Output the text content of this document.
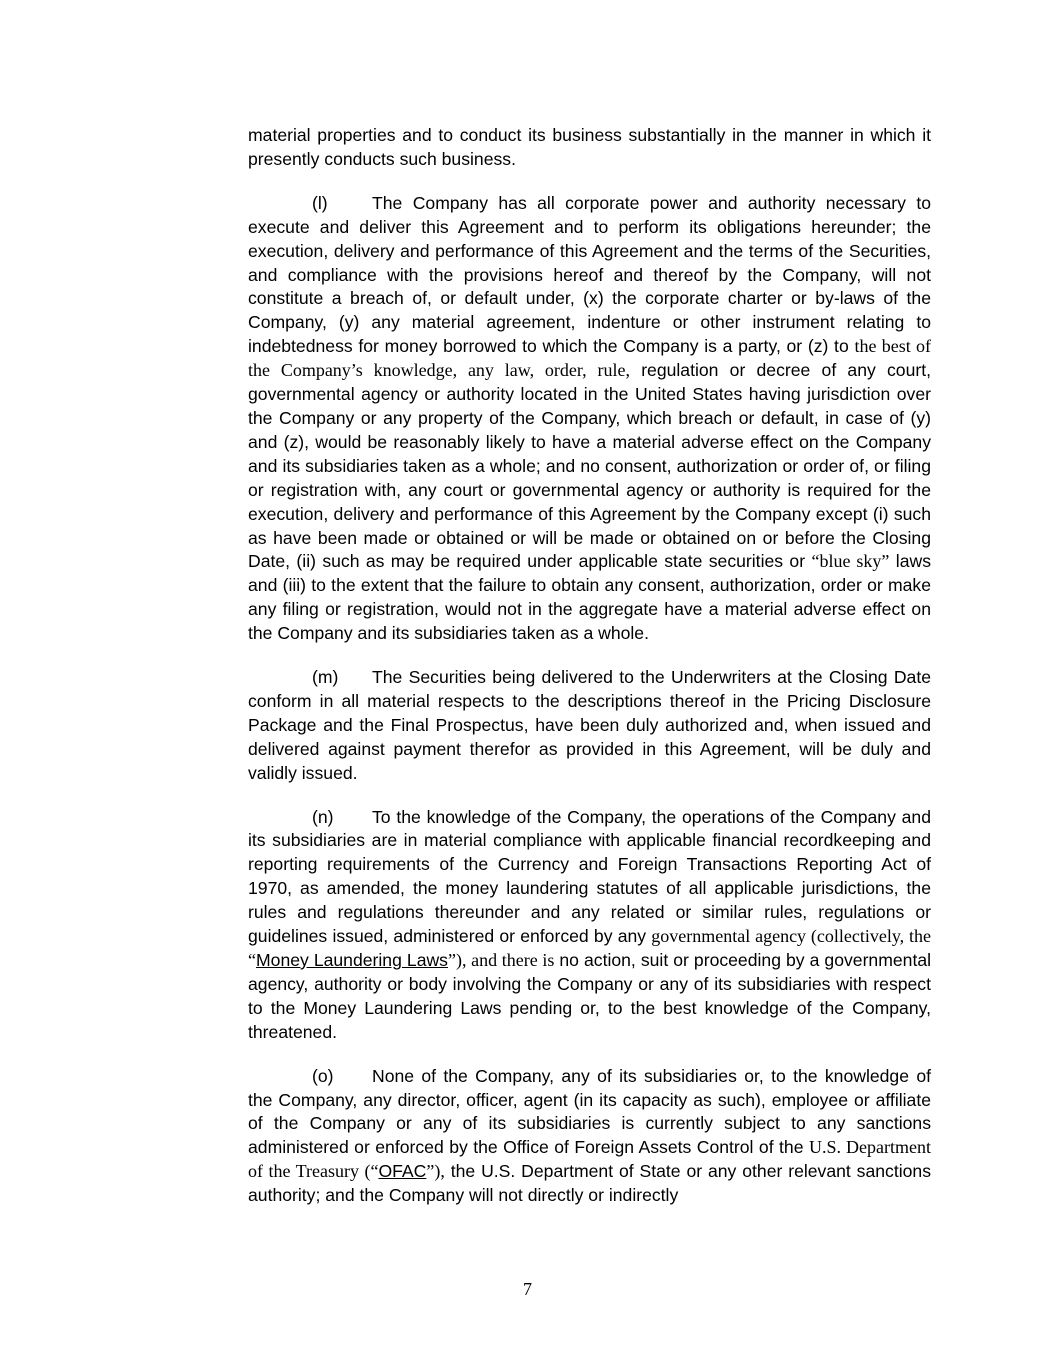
material properties and to conduct its business substantially in the manner in which it presently conducts such business.

(l)	The Company has all corporate power and authority necessary to execute and deliver this Agreement and to perform its obligations hereunder; the execution, delivery and performance of this Agreement and the terms of the Securities, and compliance with the provisions hereof and thereof by the Company, will not constitute a breach of, or default under, (x) the corporate charter or by-laws of the Company, (y) any material agreement, indenture or other instrument relating to indebtedness for money borrowed to which the Company is a party, or (z) to the best of the Company’s knowledge, any law, order, rule, regulation or decree of any court, governmental agency or authority located in the United States having jurisdiction over the Company or any property of the Company, which breach or default, in case of (y) and (z), would be reasonably likely to have a material adverse effect on the Company and its subsidiaries taken as a whole; and no consent, authorization or order of, or filing or registration with, any court or governmental agency or authority is required for the execution, delivery and performance of this Agreement by the Company except (i) such as have been made or obtained or will be made or obtained on or before the Closing Date, (ii) such as may be required under applicable state securities or “blue sky” laws and (iii) to the extent that the failure to obtain any consent, authorization, order or make any filing or registration, would not in the aggregate have a material adverse effect on the Company and its subsidiaries taken as a whole.

(m) The Securities being delivered to the Underwriters at the Closing Date conform in all material respects to the descriptions thereof in the Pricing Disclosure Package and the Final Prospectus, have been duly authorized and, when issued and delivered against payment therefor as provided in this Agreement, will be duly and validly issued.

(n) To the knowledge of the Company, the operations of the Company and its subsidiaries are in material compliance with applicable financial recordkeeping and reporting requirements of the Currency and Foreign Transactions Reporting Act of 1970, as amended, the money laundering statutes of all applicable jurisdictions, the rules and regulations thereunder and any related or similar rules, regulations or guidelines issued, administered or enforced by any governmental agency (collectively, the “Money Laundering Laws”), and there is no action, suit or proceeding by a governmental agency, authority or body involving the Company or any of its subsidiaries with respect to the Money Laundering Laws pending or, to the best knowledge of the Company, threatened.

(o) None of the Company, any of its subsidiaries or, to the knowledge of the Company, any director, officer, agent (in its capacity as such), employee or affiliate of the Company or any of its subsidiaries is currently subject to any sanctions administered or enforced by the Office of Foreign Assets Control of the U.S. Department of the Treasury (“OFAC”), the U.S. Department of State or any other relevant sanctions authority; and the Company will not directly or indirectly

7
